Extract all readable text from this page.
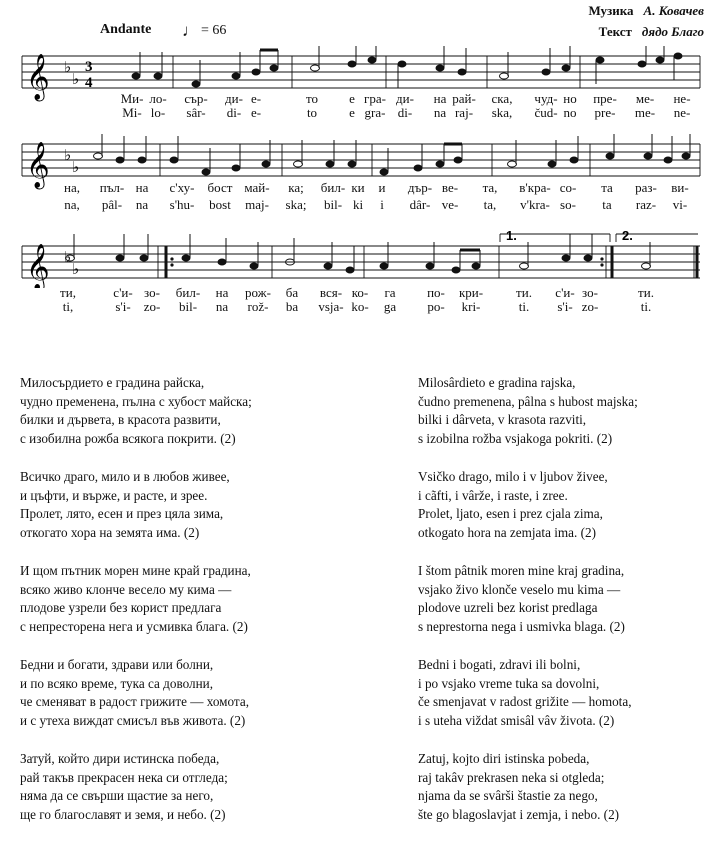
Музика А. Ковачев
Текст дядо Благо
Andante ♩ = 66
𝄞 ♭
♭
3
4
Ми- ло- сър- ди- е-	то е гра- ди- на рай- ска, чуд- но пре- ме- не-
Mi- lo- sâr- di- e-	to e gra- di- na raj- ska, čud- no pre- me- ne-
𝄞 ♭
♭
на, пъл- на с'ху- бост май- ка; бил- ки и дър- ве- та, в'кра- со- та раз- ви-
na, pâl- na s'hu- bost maj- ska; bil- ki i dâr- ve- ta, v'kra- so- ta raz- vi-
1.	2.
𝄞 ♭
♭
ти,	с'и- зо- бил- на рож- ба вся- ко- га по- кри-	ти. с'и- зо-	ти.
ti,	s'i- zo- bil- na rož- ba vsja- ko- ga po- kri-	ti. s'i- zo-	ti.
Милосърдието е градина райска,
чудно пременена, пълна с хубост майска;
билки и дървета, в красота развити,
с изобилна рожба всякога покрити. (2)
Всичко драго, мило и в любов живее,
и цъфти, и вържe, и расте, и зрее.
Пролет, лято, есен и през цяла зима,
откогато хора на земята има. (2)
И щом пътник морен мине край градина,
всяко живо клонче весело му кима —
плодове узрели без корист предлага
с непресторена нега и усмивка блага. (2)
Бедни и богати, здрави или болни,
и по всяко време, тука са доволни,
че сменяват в радост грижите — хомота,
и с утеха виждат смисъл във живота. (2)
Затуй, който дири истинска победа,
рай такъв прекрасен нека си отгледа;
няма да се свърши щастие за него,
ще го благославят и земя, и небо. (2)
Milosârdieto e gradina rajska,
čudno premenena, pâlna s hubost majska;
bilki i dârveta, v krasota razviti,
s izobilna rožba vsjakoga pokriti. (2)
Vsičko drago, milo i v ljubov živee,
i cãfti, i vârže, i raste, i zree.
Prolet, ljato, esen i prez cjala zima,
otkogato hora na zemjata ima. (2)
I štom pâtnik moren mine kraj gradina,
vsjako živo klonče veselo mu kima —
plodove uzreli bez korist predlaga
s neprestorna nega i usmivka blaga. (2)
Bedni i bogati, zdravi ili bolni,
i po vsjako vreme tuka sa dovolni,
če smenjavat v radost grižite — homota,
i s uteha viždat smisâl vâv života. (2)
Zatuj, kojto diri istinska pobeda,
raj takâv prekrasen neka si otgleda;
njama da se svârši štastie za nego,
šte go blagoslavjat i zemja, i nebo. (2)
